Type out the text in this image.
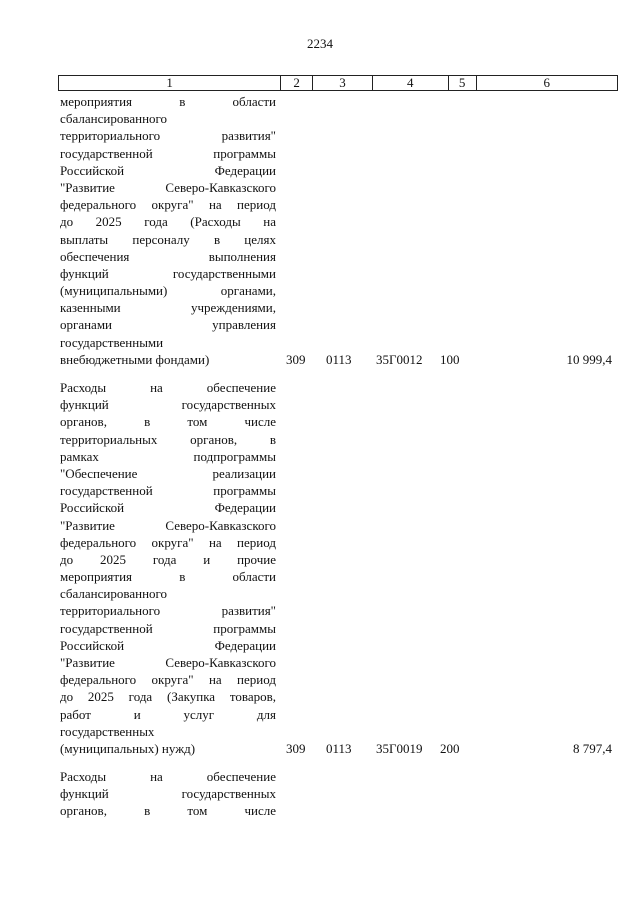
2234
1	2	3	4	5	6
мероприятия в области
сбалансированного
территориального развития"
государственной программы
Российской Федерации
"Развитие Северо-Кавказского
федерального округа" на период
до 2025 года (Расходы на
выплаты персоналу в целях
обеспечения выполнения
функций государственными
(муниципальными) органами,
казенными учреждениями,
органами управления
государственными
внебюджетными фондами)	309 0113 35Г0012 100	10 999,4
Расходы на обеспечение
функций государственных
органов, в том числе
территориальных органов, в
рамках подпрограммы
"Обеспечение реализации
государственной программы
Российской Федерации
"Развитие Северо-Кавказского
федерального округа" на период
до 2025 года и прочие
мероприятия в области
сбалансированного
территориального развития"
государственной программы
Российской Федерации
"Развитие Северо-Кавказского
федерального округа" на период
до 2025 года (Закупка товаров,
работ и услуг для
государственных
(муниципальных) нужд)	309 0113 35Г0019 200	8 797,4
Расходы на обеспечение
функций государственных
органов, в том числе
